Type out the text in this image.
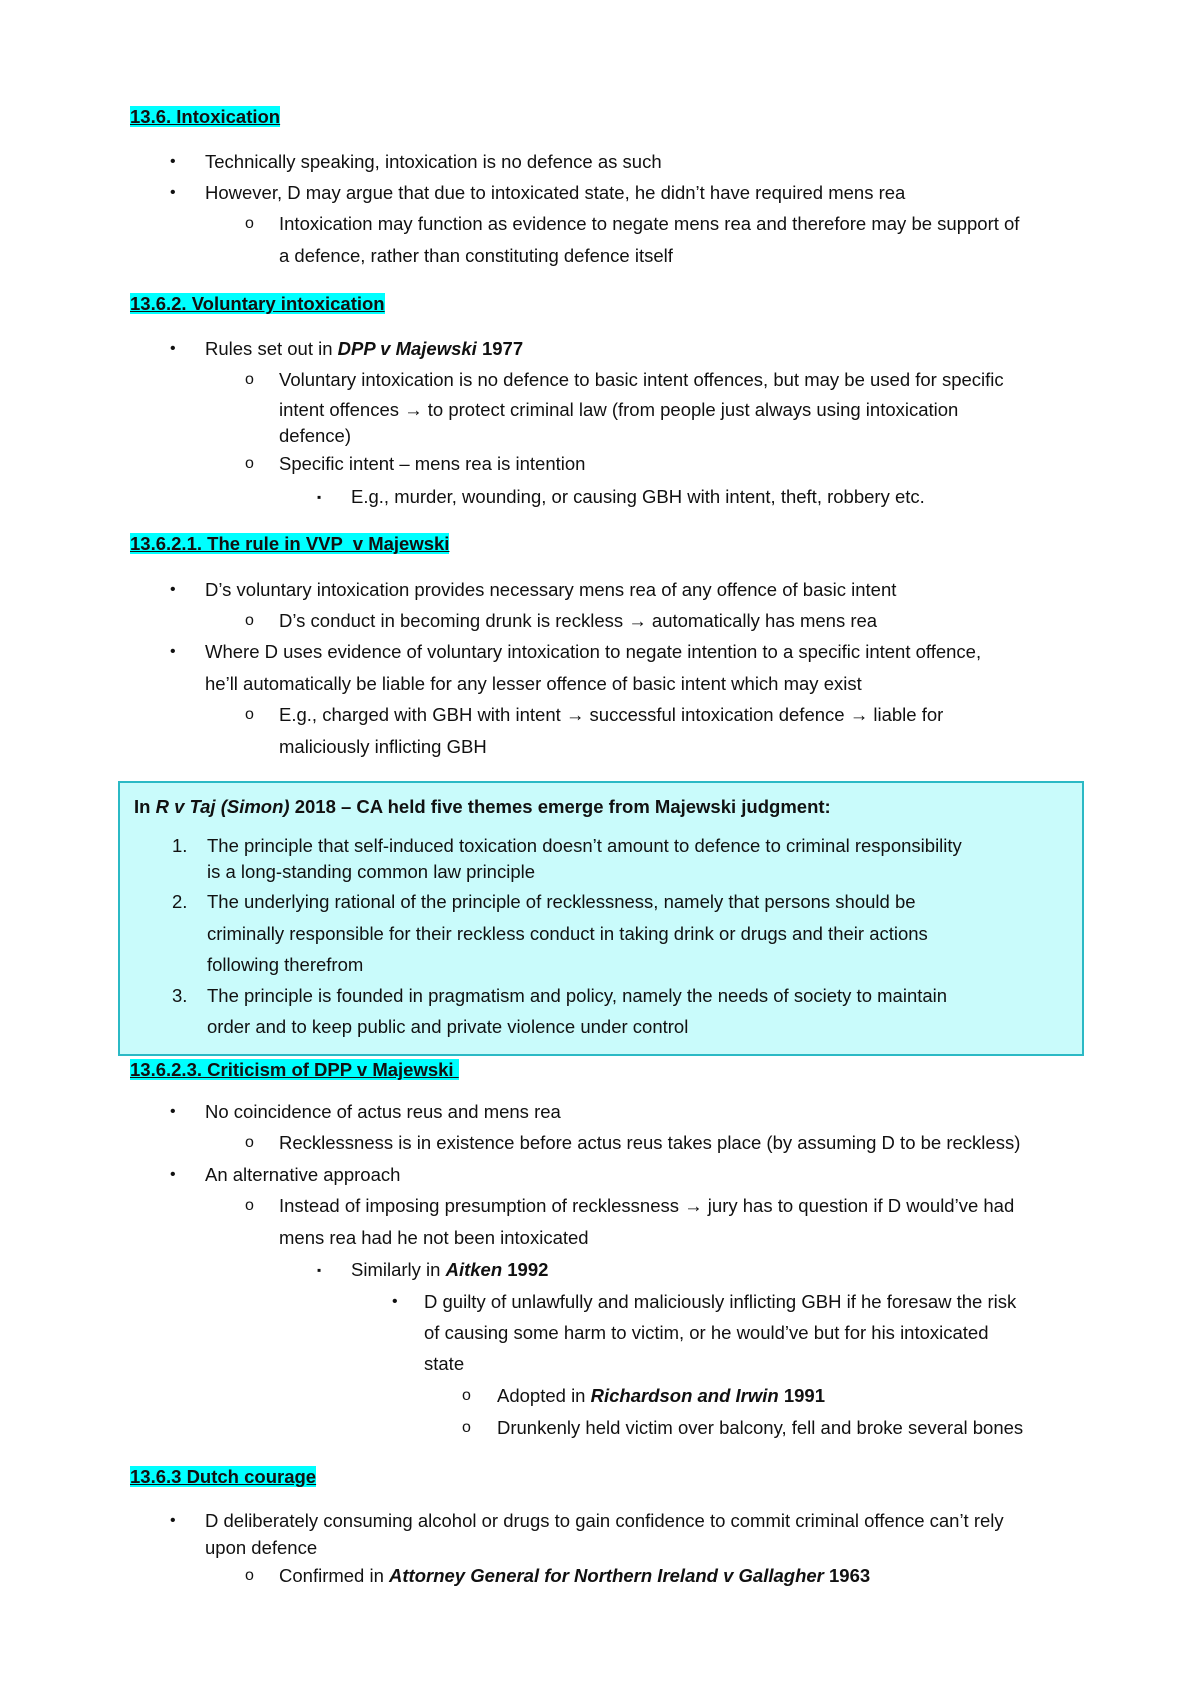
13.6. Intoxication
• Technically speaking, intoxication is no defence as such
• However, D may argue that due to intoxicated state, he didn’t have required mens rea
o Intoxication may function as evidence to negate mens rea and therefore may be support of
a defence, rather than constituting defence itself
13.6.2. Voluntary intoxication
• Rules set out in DPP v Majewski 1977
o Voluntary intoxication is no defence to basic intent offences, but may be used for specific
intent offences → to protect criminal law (from people just always using intoxication
defence)
o Specific intent – mens rea is intention
▪ E.g., murder, wounding, or causing GBH with intent, theft, robbery etc.
13.6.2.1. The rule in VVP  v Majewski
• D’s voluntary intoxication provides necessary mens rea of any offence of basic intent
o D’s conduct in becoming drunk is reckless → automatically has mens rea
• Where D uses evidence of voluntary intoxication to negate intention to a specific intent offence,
he’ll automatically be liable for any lesser offence of basic intent which may exist
o E.g., charged with GBH with intent → successful intoxication defence → liable for
maliciously inflicting GBH
In R v Taj (Simon) 2018 – CA held five themes emerge from Majewski judgment:
1. The principle that self-induced toxication doesn’t amount to defence to criminal responsibility
is a long-standing common law principle
2. The underlying rational of the principle of recklessness, namely that persons should be
criminally responsible for their reckless conduct in taking drink or drugs and their actions
following therefrom
3. The principle is founded in pragmatism and policy, namely the needs of society to maintain
order and to keep public and private violence under control
13.6.2.3. Criticism of DPP v Majewski
• No coincidence of actus reus and mens rea
o Recklessness is in existence before actus reus takes place (by assuming D to be reckless)
• An alternative approach
o Instead of imposing presumption of recklessness → jury has to question if D would’ve had
mens rea had he not been intoxicated
▪ Similarly in Aitken 1992
• D guilty of unlawfully and maliciously inflicting GBH if he foresaw the risk
of causing some harm to victim, or he would’ve but for his intoxicated
state
o Adopted in Richardson and Irwin 1991
o Drunkenly held victim over balcony, fell and broke several bones
13.6.3 Dutch courage
• D deliberately consuming alcohol or drugs to gain confidence to commit criminal offence can’t rely
upon defence
o Confirmed in Attorney General for Northern Ireland v Gallagher 1963
